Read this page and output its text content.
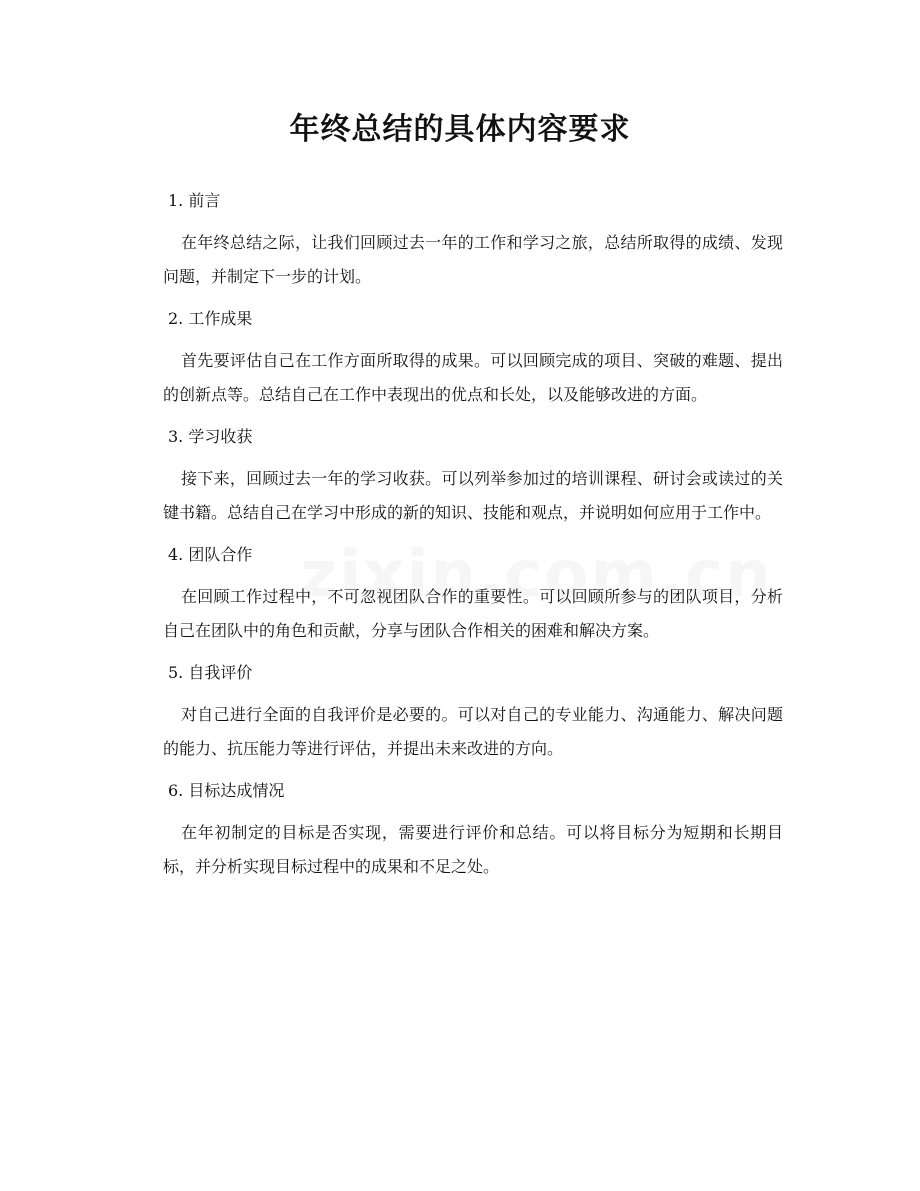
年终总结的具体内容要求

1. 前言

在年终总结之际，让我们回顾过去一年的工作和学习之旅，总结所取得的成绩、发现问题，并制定下一步的计划。

2. 工作成果

首先要评估自己在工作方面所取得的成果。可以回顾完成的项目、突破的难题、提出的创新点等。总结自己在工作中表现出的优点和长处，以及能够改进的方面。

3. 学习收获

接下来，回顾过去一年的学习收获。可以列举参加过的培训课程、研讨会或读过的关键书籍。总结自己在学习中形成的新的知识、技能和观点，并说明如何应用于工作中。

4. 团队合作

在回顾工作过程中，不可忽视团队合作的重要性。可以回顾所参与的团队项目，分析自己在团队中的角色和贡献，分享与团队合作相关的困难和解决方案。

5. 自我评价

对自己进行全面的自我评价是必要的。可以对自己的专业能力、沟通能力、解决问题的能力、抗压能力等进行评估，并提出未来改进的方向。

6. 目标达成情况

在年初制定的目标是否实现，需要进行评价和总结。可以将目标分为短期和长期目标，并分析实现目标过程中的成果和不足之处。
